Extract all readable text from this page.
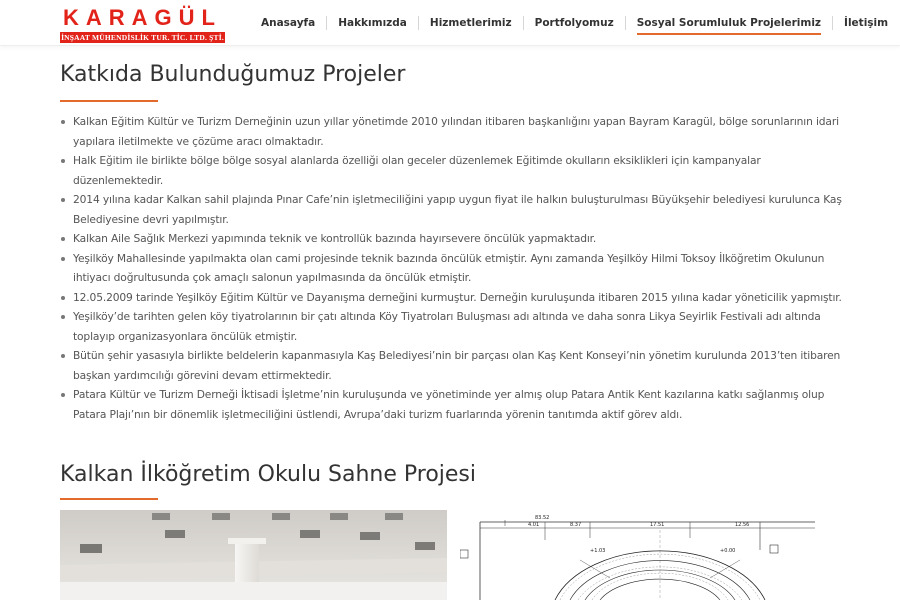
KARAGÜL
İNŞAAT MÜHENDİSLİK TUR. TİC. LTD. ŞTİ.
Anasayfa	Hakkımızda	Hizmetlerimiz	Portfolyomuz	Sosyal Sorumluluk Projelerimiz	İletişim
Katkıda Bulunduğumuz Projeler
Kalkan Eğitim Kültür ve Turizm Derneğinin uzun yıllar yönetimde 2010 yılından itibaren başkanlığını yapan Bayram Karagül, bölge sorunlarının idari yapılara iletilmekte ve çözüme aracı olmaktadır.
Halk Eğitim ile birlikte bölge bölge sosyal alanlarda özelliği olan geceler düzenlemek Eğitimde okulların eksiklikleri için kampanyalar düzenlemektedir.
2014 yılına kadar Kalkan sahil plajında Pınar Cafe’nin işletmeciliğini yapıp uygun fiyat ile halkın buluşturulması Büyükşehir belediyesi kurulunca Kaş Belediyesine devri yapılmıştır.
Kalkan Aile Sağlık Merkezi yapımında teknik ve kontrollük bazında hayırsevere öncülük yapmaktadır.
Yeşilköy Mahallesinde yapılmakta olan cami projesinde teknik bazında öncülük etmiştir. Aynı zamanda Yeşilköy Hilmi Toksoy İlköğretim Okulunun ihtiyacı doğrultusunda çok amaçlı salonun yapılmasında da öncülük etmiştir.
12.05.2009 tarinde Yeşilköy Eğitim Kültür ve Dayanışma derneğini kurmuştur. Derneğin kuruluşunda itibaren 2015 yılına kadar yöneticilik yapmıştır.
Yeşilköy’de tarihten gelen köy tiyatrolarının bir çatı altında Köy Tiyatroları Buluşması adı altında ve daha sonra Likya Seyirlik Festivali adı altında toplayıp organizasyonlara öncülük etmiştir.
Bütün şehir yasasıyla birlikte beldelerin kapanmasıyla Kaş Belediyesi’nin bir parçası olan Kaş Kent Konseyi’nin yönetim kurulunda 2013’ten itibaren başkan yardımcılığı görevini devam ettirmektedir.
Patara Kültür ve Turizm Derneği İktisadi İşletme’nin kuruluşunda ve yönetiminde yer almış olup Patara Antik Kent kazılarına katkı sağlanmış olup Patara Plajı’nın bir dönemlik işletmeciliğini üstlendi, Avrupa’daki turizm fuarlarında yörenin tanıtımda aktif görev aldı.
Kalkan İlköğretim Okulu Sahne Projesi
83.52
4.01	8.37	17.51	12.56
+1.03	+0.00
